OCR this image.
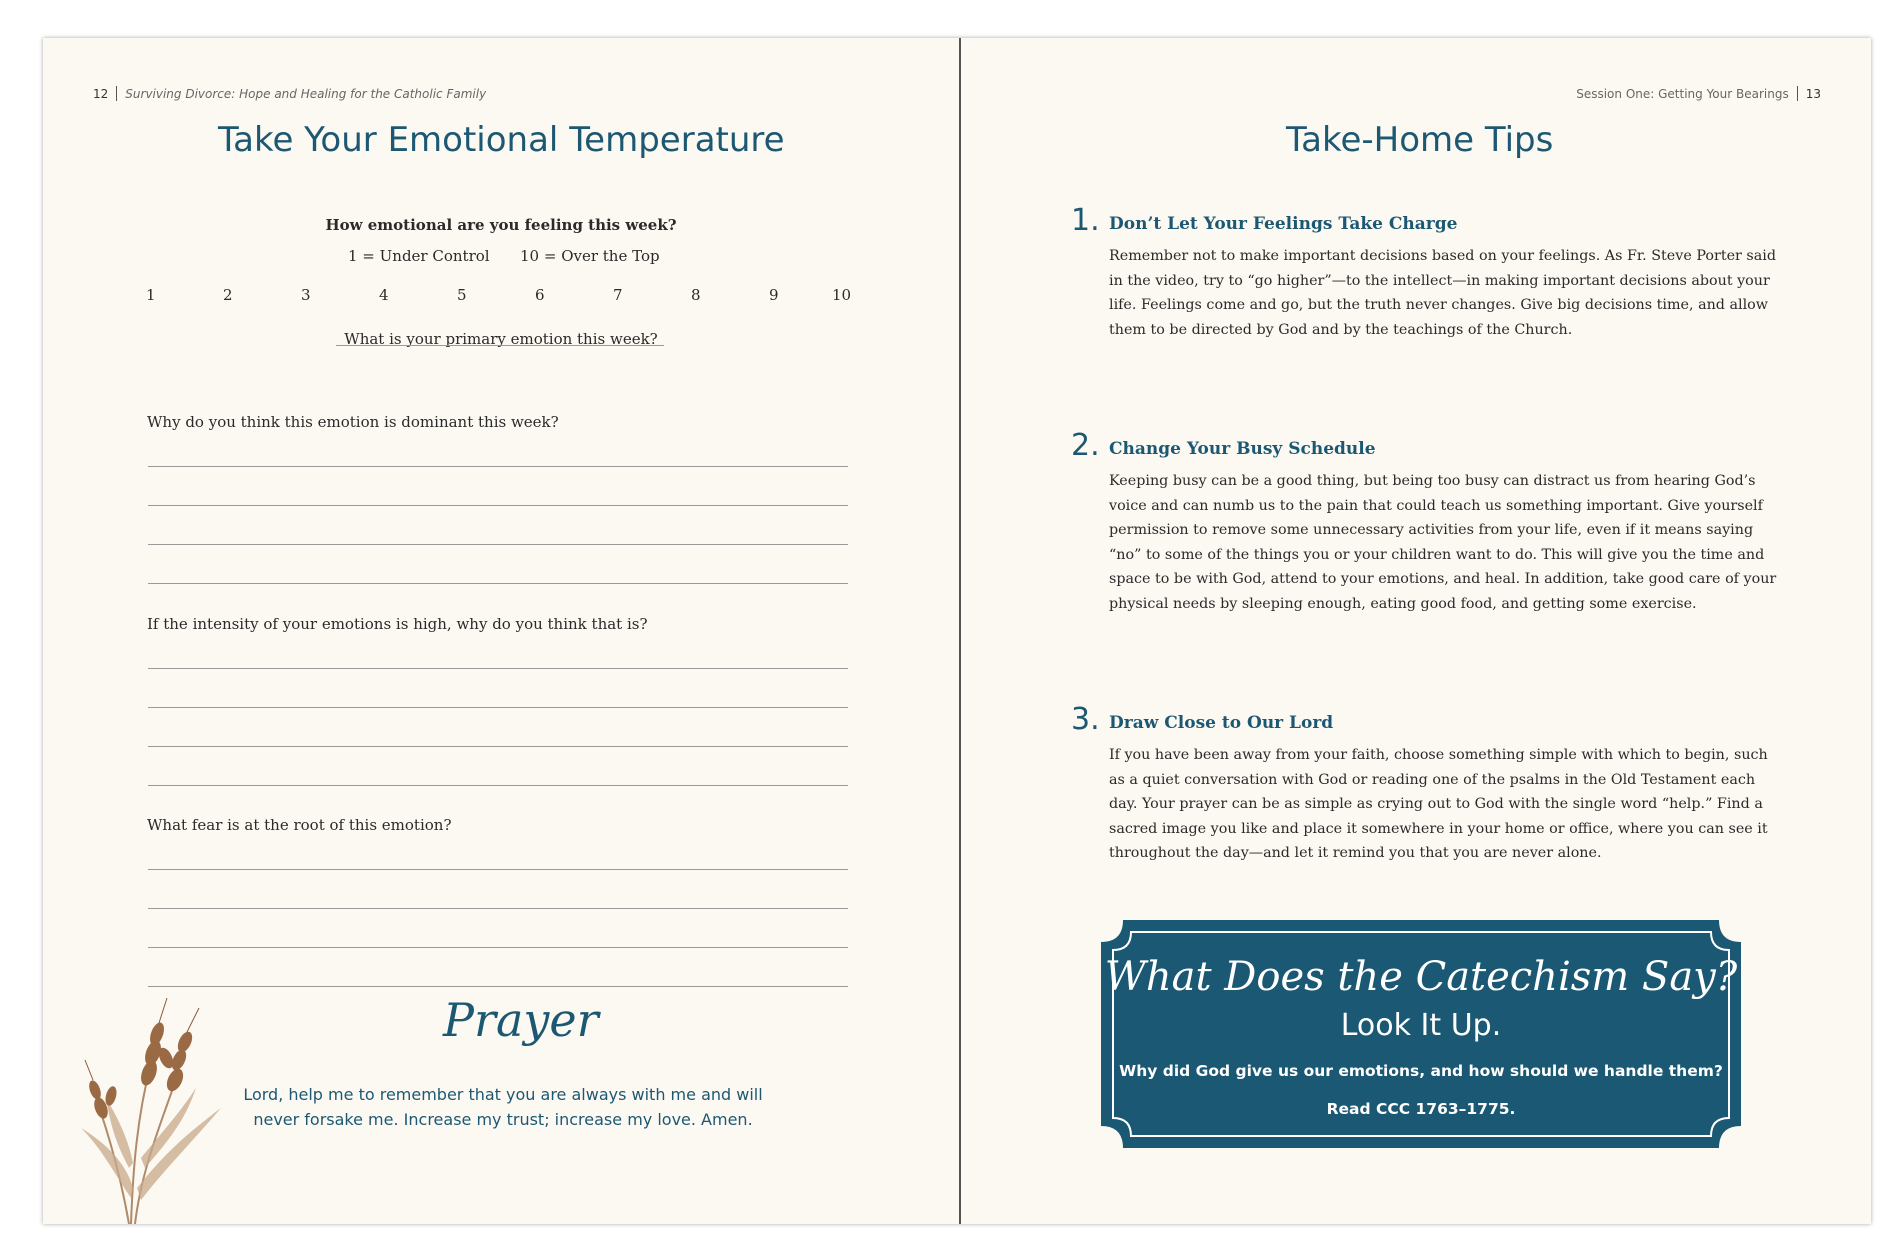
12 Surviving Divorce: Hope and Healing for the Catholic Family
Take Your Emotional Temperature
How emotional are you feeling this week?
1 = Under Control 10 = Over the Top
1	2	3	4	5	6	7	8	9	10
What is your primary emotion this week?
Why do you think this emotion is dominant this week?
If the intensity of your emotions is high, why do you think that is?
What fear is at the root of this emotion?
Prayer
Lord, help me to remember that you are always with me and will never forsake me. Increase my trust; increase my love. Amen.
Session One: Getting Your Bearings 13
Take-Home Tips
1. Don’t Let Your Feelings Take Charge
Remember not to make important decisions based on your feelings. As Fr. Steve Porter said in the video, try to “go higher”—to the intellect—in making important decisions about your life. Feelings come and go, but the truth never changes. Give big decisions time, and allow them to be directed by God and by the teachings of the Church.
2. Change Your Busy Schedule
Keeping busy can be a good thing, but being too busy can distract us from hearing God’s voice and can numb us to the pain that could teach us something important. Give yourself permission to remove some unnecessary activities from your life, even if it means saying “no” to some of the things you or your children want to do. This will give you the time and space to be with God, attend to your emotions, and heal. In addition, take good care of your physical needs by sleeping enough, eating good food, and getting some exercise.
3. Draw Close to Our Lord
If you have been away from your faith, choose something simple with which to begin, such as a quiet conversation with God or reading one of the psalms in the Old Testament each day. Your prayer can be as simple as crying out to God with the single word “help.” Find a sacred image you like and place it somewhere in your home or office, where you can see it throughout the day—and let it remind you that you are never alone.
What Does the Catechism Say?
Look It Up.
Why did God give us our emotions, and how should we handle them?
Read CCC 1763–1775.
